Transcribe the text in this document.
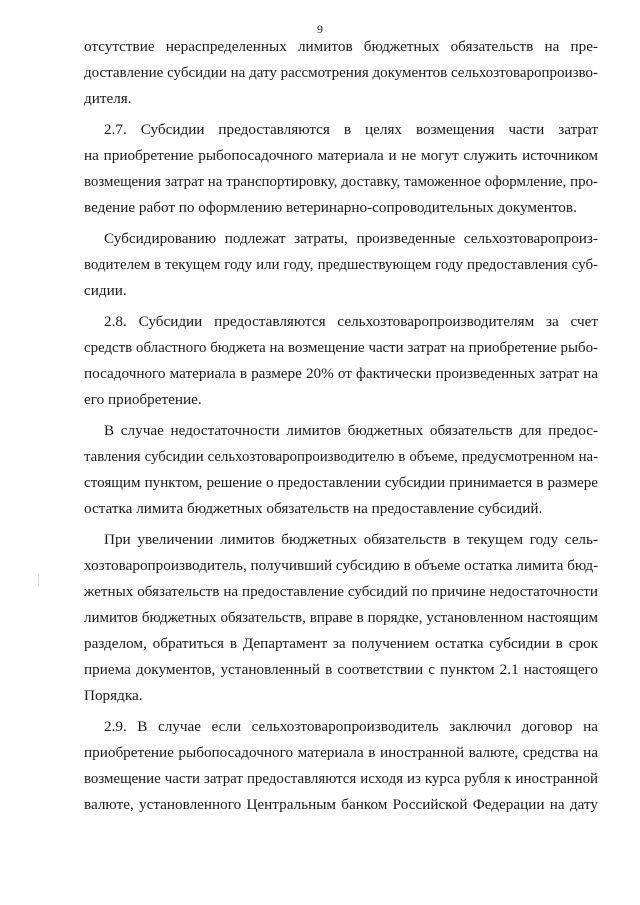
9
отсутствие нераспределенных лимитов бюджетных обязательств на пре-
доставление субсидии на дату рассмотрения документов сельхозтоваропроизво-
дителя.
2.7. Субсидии предоставляются в целях возмещения части затрат
на приобретение рыбопосадочного материала и не могут служить источником
возмещения затрат на транспортировку, доставку, таможенное оформление, про-
ведение работ по оформлению ветеринарно-сопроводительных документов.
Субсидированию подлежат затраты, произведенные сельхозтоваропроиз-
водителем в текущем году или году, предшествующем году предоставления суб-
сидии.
2.8. Субсидии предоставляются сельхозтоваропроизводителям за счет
средств областного бюджета на возмещение части затрат на приобретение рыбо-
посадочного материала в размере 20% от фактически произведенных затрат на
его приобретение.
В случае недостаточности лимитов бюджетных обязательств для предос-
тавления субсидии сельхозтоваропроизводителю в объеме, предусмотренном на-
стоящим пунктом, решение о предоставлении субсидии принимается в размере
остатка лимита бюджетных обязательств на предоставление субсидий.
При увеличении лимитов бюджетных обязательств в текущем году сель-
хозтоваропроизводитель, получивший субсидию в объеме остатка лимита бюд-
жетных обязательств на предоставление субсидий по причине недостаточности
лимитов бюджетных обязательств, вправе в порядке, установленном настоящим
разделом, обратиться в Департамент за получением остатка субсидии в срок
приема документов, установленный в соответствии с пунктом 2.1 настоящего
Порядка.
2.9. В случае если сельхозтоваропроизводитель заключил договор на
приобретение рыбопосадочного материала в иностранной валюте, средства на
возмещение части затрат предоставляются исходя из курса рубля к иностранной
валюте, установленного Центральным банком Российской Федерации на дату
